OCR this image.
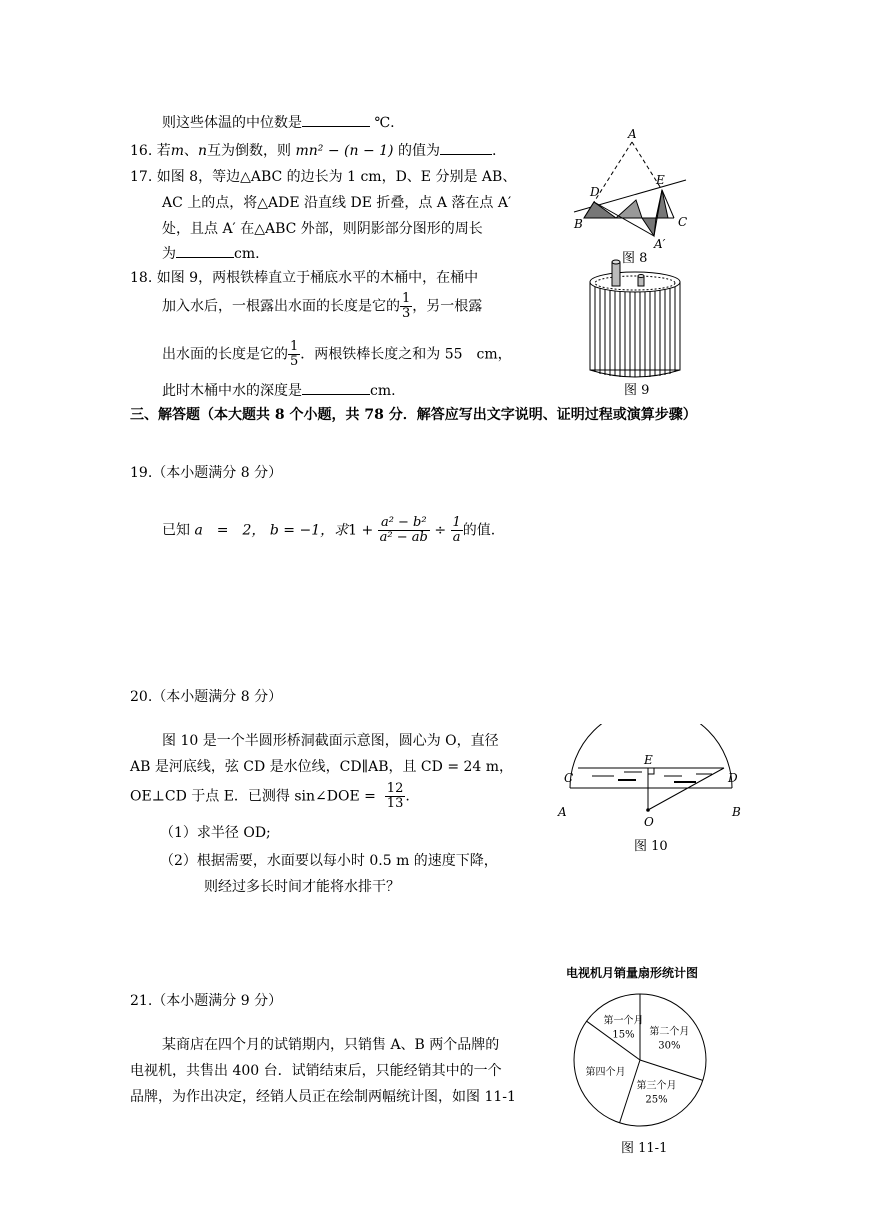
则这些体温的中位数是	℃.
16. 若m、n互为倒数，则 mn² − (n − 1) 的值为	.
17. 如图 8，等边△ABC 的边长为 1 cm，D、E 分别是 AB、
AC 上的点，将△ADE 沿直线 DE 折叠，点 A 落在点 A′
处，且点 A′ 在△ABC 外部，则阴影部分图形的周长
为	cm.
A
D
E
B	C
A′
图 8
18. 如图 9，两根铁棒直立于桶底水平的木桶中，在桶中
加入水后，一根露出水面的长度是它的 $\frac{1}{3}$ ，另一根露
出水面的长度是它的 $\frac{1}{5}$ ．两根铁棒长度之和为 55　cm，
此时木桶中水的深度是	cm.	图 9
三、解答题（本大题共 8 个小题，共 78 分．解答应写出文字说明、证明过程或演算步骤）
19.（本小题满分 8 分）
已知 a　=　2， b = −1，求$1 + \frac{\text{a² − b²}}{\text{a² − ab}} \div \frac{1}{a}$ 的值.
20.（本小题满分 8 分）
图 10 是一个半圆形桥洞截面示意图，圆心为 O，直径
AB 是河底线，弦 CD 是水位线，CD∥AB，且 CD = 24 m，
OE⊥CD 于点 E．已测得 sin∠DOE = $\frac{12}{13}$ .
（1）求半径 OD;
（2）根据需要，水面要以每小时 0.5 m 的速度下降，
则经过多长时间才能将水排干？
C
E
D
A	B
O
图 10
21.（本小题满分 9 分）
某商店在四个月的试销期内，只销售 A、B 两个品牌的
电视机，共售出 400 台．试销结束后，只能经销其中的一个
品牌，为作出决定，经销人员正在绘制两幅统计图，如图 11-1
电视机月销量扇形统计图
第一个月
15% 第二个月
30%
第三个月
25%
第四个月
图 11-1
